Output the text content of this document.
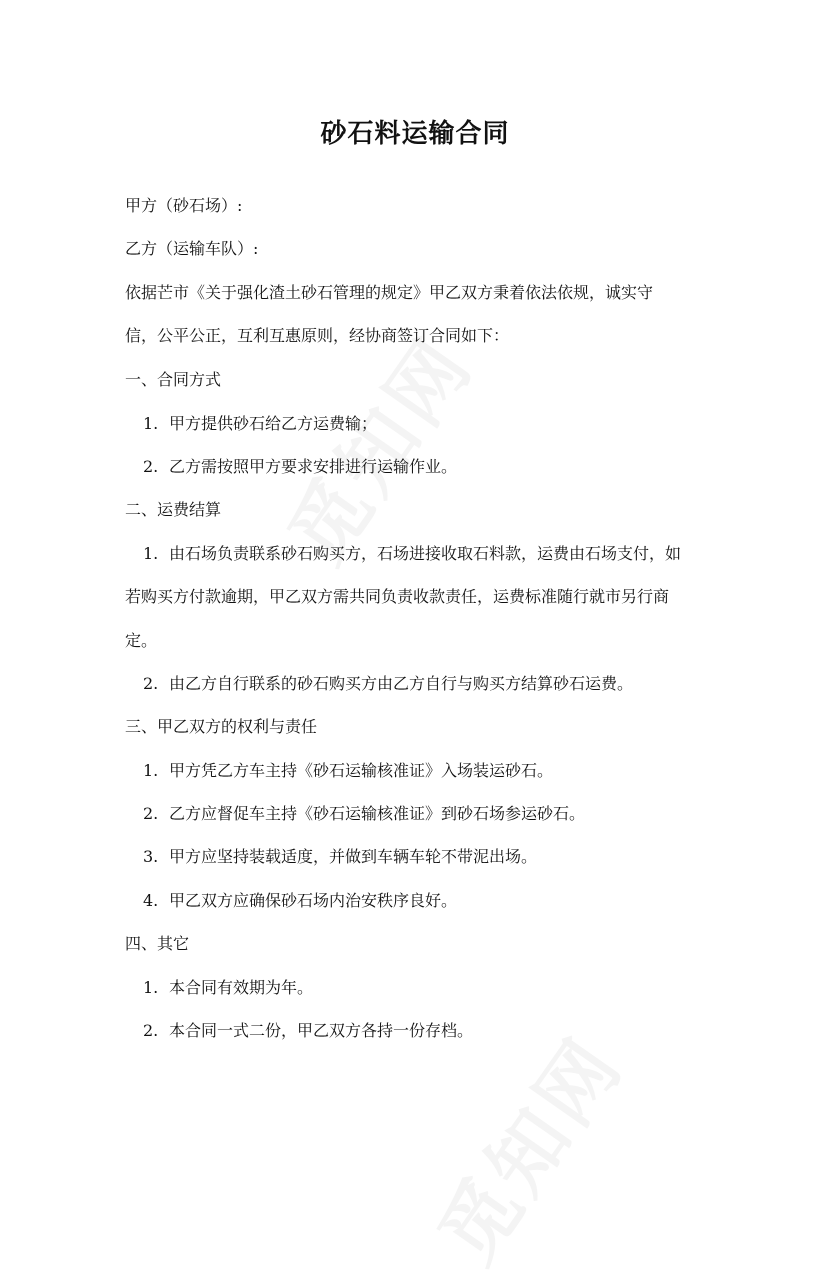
砂石料运输合同
甲方（砂石场）:
乙方（运输车队）:
依据芒市《关于强化渣土砂石管理的规定》甲乙双方秉着依法依规，诚实守
信，公平公正，互利互惠原则，经协商签订合同如下：
一、合同方式
1. 甲方提供砂石给乙方运费输；
2. 乙方需按照甲方要求安排进行运输作业。
二、运费结算
1. 由石场负责联系砂石购买方，石场进接收取石料款，运费由石场支付，如
若购买方付款逾期，甲乙双方需共同负责收款责任，运费标准随行就市另行商
定。
2. 由乙方自行联系的砂石购买方由乙方自行与购买方结算砂石运费。
三、甲乙双方的权利与责任
1. 甲方凭乙方车主持《砂石运输核准证》入场装运砂石。
2. 乙方应督促车主持《砂石运输核准证》到砂石场参运砂石。
3. 甲方应坚持装载适度，并做到车辆车轮不带泥出场。
4. 甲乙双方应确保砂石场内治安秩序良好。
四、其它
1. 本合同有效期为年。
2. 本合同一式二份，甲乙双方各持一份存档。
